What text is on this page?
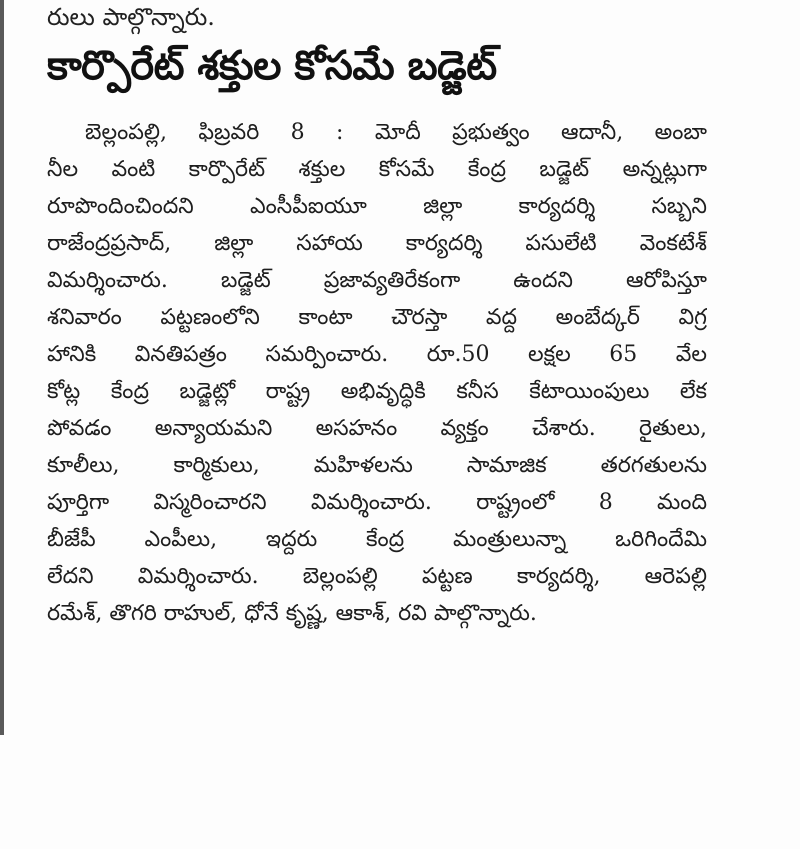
రులు పాల్గొన్నారు.

కార్పొరేట్ శక్తుల కోసమే బడ్జెట్
బెల్లంపల్లి, ఫిబ్రవరి 8 : మోదీ ప్రభుత్వం ఆదానీ, అంబా
నీల వంటి కార్పొరేట్ శక్తుల కోసమే కేంద్ర బడ్జెట్ అన్నట్లుగా
రూపొందించిందని ఎంసీపీఐయూ జిల్లా కార్యదర్శి సబ్బని
రాజేంద్రప్రసాద్, జిల్లా సహాయ కార్యదర్శి పసులేటి వెంకటేశ్
విమర్శించారు. బడ్జెట్ ప్రజావ్యతిరేకంగా ఉందని ఆరోపిస్తూ
శనివారం పట్టణంలోని కాంటా చౌరస్తా వద్ద అంబేద్కర్ విగ్ర
హానికి వినతిపత్రం సమర్పించారు. రూ.50 లక్షల 65 వేల
కోట్ల కేంద్ర బడ్జెట్లో రాష్ట్ర అభివృద్ధికి కనీస కేటాయింపులు లేక
పోవడం అన్యాయమని అసహనం వ్యక్తం చేశారు. రైతులు,
కూలీలు, కార్మికులు, మహిళలను సామాజిక తరగతులను
పూర్తిగా విస్మరించారని విమర్శించారు. రాష్ట్రంలో 8 మంది
బీజేపీ ఎంపీలు, ఇద్దరు కేంద్ర మంత్రులున్నా ఒరిగిందేమి
లేదని విమర్శించారు. బెల్లంపల్లి పట్టణ కార్యదర్శి, ఆరెపల్లి
రమేశ్, తొగరి రాహుల్, ధోనే కృష్ణ, ఆకాశ్, రవి పాల్గొన్నారు.
